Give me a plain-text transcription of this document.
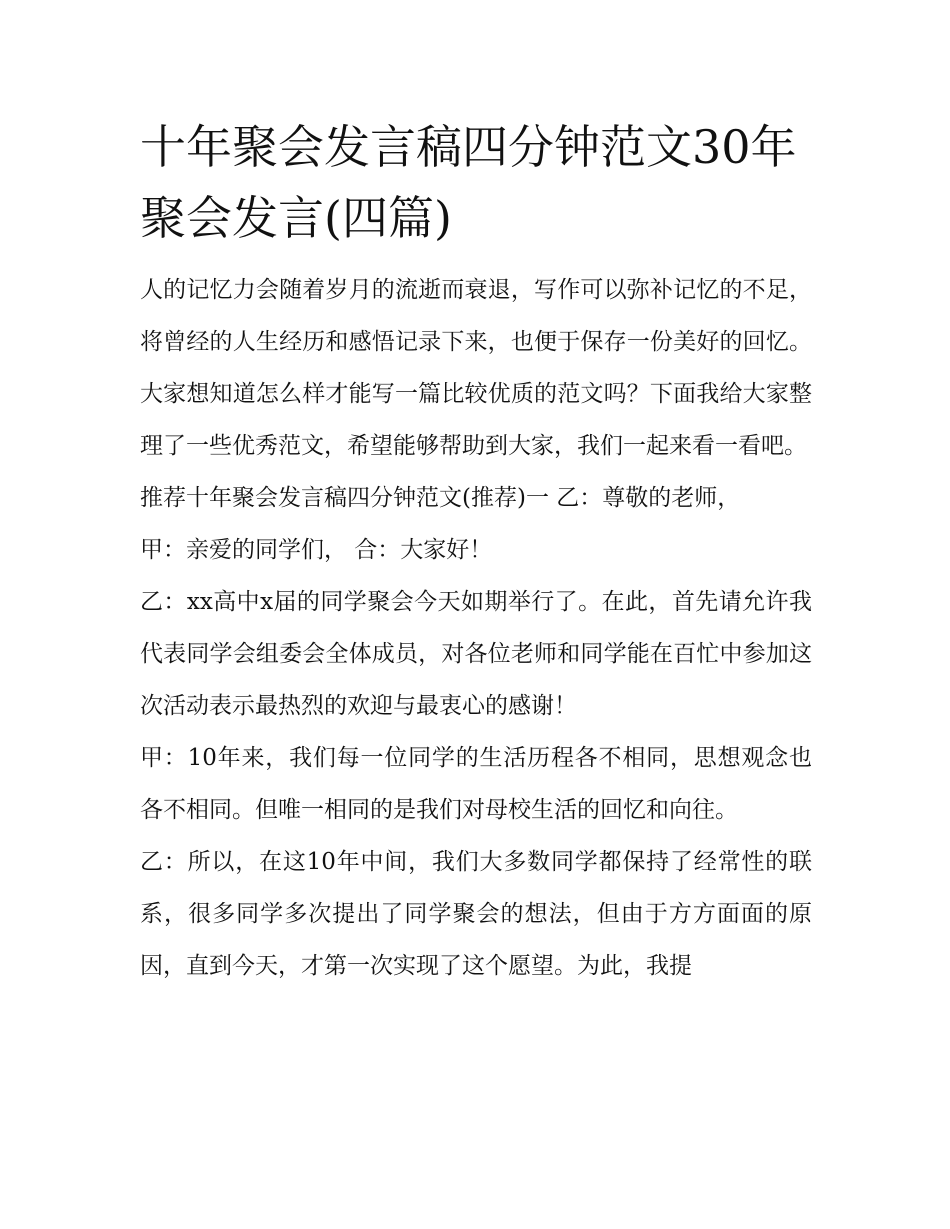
十年聚会发言稿四分钟范文30年聚会发言(四篇)

人的记忆力会随着岁月的流逝而衰退，写作可以弥补记忆的不足，将曾经的人生经历和感悟记录下来，也便于保存一份美好的回忆。大家想知道怎么样才能写一篇比较优质的范文吗？下面我给大家整理了一些优秀范文，希望能够帮助到大家，我们一起来看一看吧。

推荐十年聚会发言稿四分钟范文(推荐)一 乙：尊敬的老师，

甲：亲爱的同学们， 合：大家好！

乙：xx高中x届的同学聚会今天如期举行了。在此，首先请允许我代表同学会组委会全体成员，对各位老师和同学能在百忙中参加这次活动表示最热烈的欢迎与最衷心的感谢！

甲：10年来，我们每一位同学的生活历程各不相同，思想观念也各不相同。但唯一相同的是我们对母校生活的回忆和向往。

乙：所以，在这10年中间，我们大多数同学都保持了经常性的联系，很多同学多次提出了同学聚会的想法，但由于方方面面的原因，直到今天，才第一次实现了这个愿望。为此，我提
